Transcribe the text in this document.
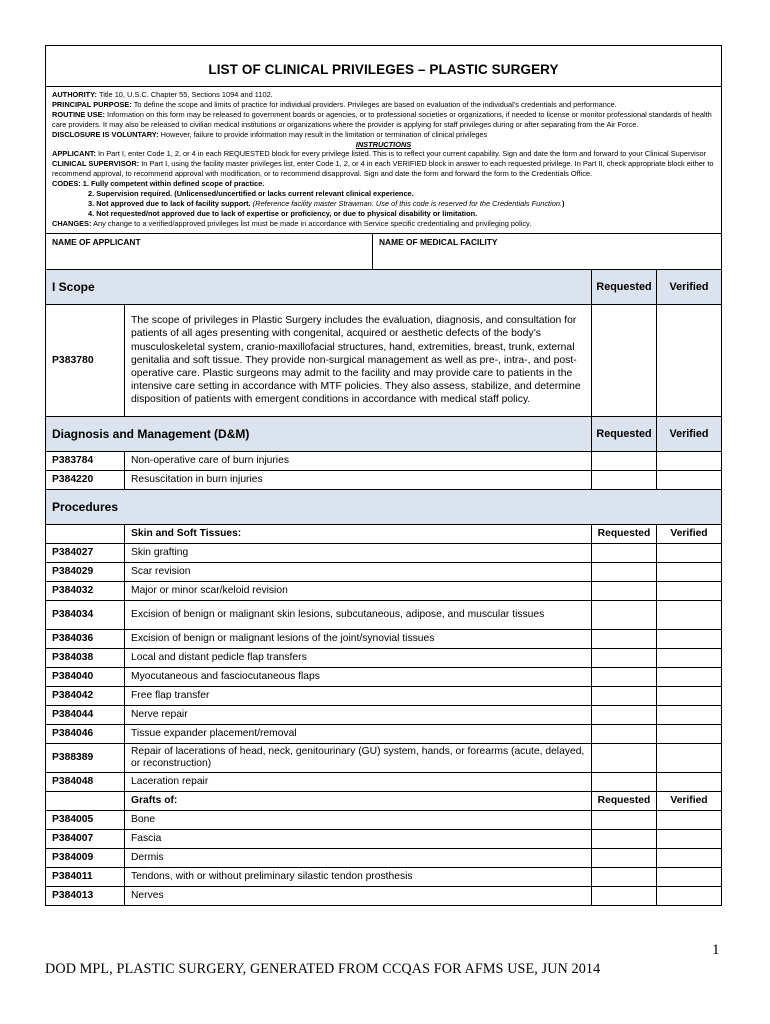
LIST OF CLINICAL PRIVILEGES – PLASTIC SURGERY
AUTHORITY: Title 10, U.S.C. Chapter 55, Sections 1094 and 1102.
PRINCIPAL PURPOSE: To define the scope and limits of practice for individual providers. Privileges are based on evaluation of the individual’s credentials and performance.
ROUTINE USE: Information on this form may be released to government boards or agencies, or to professional societies or organizations, if needed to license or monitor professional standards of health care providers. It may also be released to civilian medical institutions or organizations where the provider is applying for staff privileges during or after separating from the Air Force.
DISCLOSURE IS VOLUNTARY: However, failure to provide information may result in the limitation or termination of clinical privileges
INSTRUCTIONS
APPLICANT: In Part I, enter Code 1, 2, or 4 in each REQUESTED block for every privilege listed. This is to reflect your current capability. Sign and date the form and forward to your Clinical Supervisor
CLINICAL SUPERVISOR: In Part I, using the facility master privileges list, enter Code 1, 2, or 4 in each VERIFIED block in answer to each requested privilege. In Part II, check appropriate block either to recommend approval, to recommend approval with modification, or to recommend disapproval. Sign and date the form and forward the form to the Credentials Office.
CODES: 1. Fully competent within defined scope of practice.
2. Supervision required. (Unlicensed/uncertified or lacks current relevant clinical experience.
3. Not approved due to lack of facility support. (Reference facility master Strawman. Use of this code is reserved for the Credentials Function.)
4. Not requested/not approved due to lack of expertise or proficiency, or due to physical disability or limitation.
CHANGES: Any change to a verified/approved privileges list must be made in accordance with Service specific credentialing and privileging policy.
NAME OF APPLICANT	NAME OF MEDICAL FACILITY
I Scope		Requested	Verified
P383780	The scope of privileges in Plastic Surgery includes the evaluation, diagnosis, and consultation for patients of all ages presenting with congenital, acquired or aesthetic defects of the body’s musculoskeletal system, cranio-maxillofacial structures, hand, extremities, breast, trunk, external genitalia and soft tissue. They provide non-surgical management as well as pre-, intra-, and post-operative care. Plastic surgeons may admit to the facility and may provide care to patients in the intensive care setting in accordance with MTF policies. They also assess, stabilize, and determine disposition of patients with emergent conditions in accordance with medical staff policy.		
Diagnosis and Management (D&M)		Requested	Verified
P383784	Non-operative care of burn injuries		
P384220	Resuscitation in burn injuries		
Procedures			
	Skin and Soft Tissues:	Requested	Verified
P384027	Skin grafting		
P384029	Scar revision		
P384032	Major or minor scar/keloid revision		
P384034	Excision of benign or malignant skin lesions, subcutaneous, adipose, and muscular tissues		
P384036	Excision of benign or malignant lesions of the joint/synovial tissues		
P384038	Local and distant pedicle flap transfers		
P384040	Myocutaneous and fasciocutaneous flaps		
P384042	Free flap transfer		
P384044	Nerve repair		
P384046	Tissue expander placement/removal		
P388389	Repair of lacerations of head, neck, genitourinary (GU) system, hands, or forearms (acute, delayed, or reconstruction)		
P384048	Laceration repair		
	Grafts of:	Requested	Verified
P384005	Bone		
P384007	Fascia		
P384009	Dermis		
P384011	Tendons, with or without preliminary silastic tendon prosthesis		
P384013	Nerves		
1
DOD MPL, PLASTIC SURGERY, GENERATED FROM CCQAS FOR AFMS USE, JUN 2014
